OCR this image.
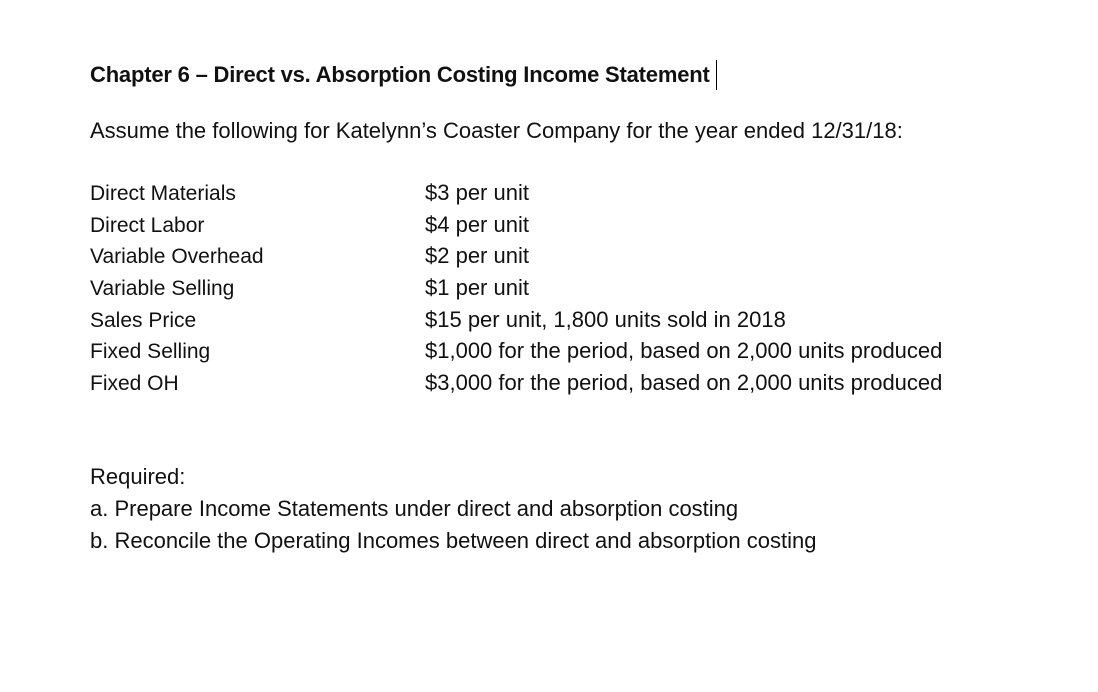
Chapter 6 – Direct vs. Absorption Costing Income Statement
Assume the following for Katelynn’s Coaster Company for the year ended 12/31/18:
Direct Materials	$3 per unit
Direct Labor	$4 per unit
Variable Overhead	$2 per unit
Variable Selling	$1 per unit
Sales Price	$15 per unit, 1,800 units sold in 2018
Fixed Selling	$1,000 for the period, based on 2,000 units produced
Fixed OH	$3,000 for the period, based on 2,000 units produced
Required:
a. Prepare Income Statements under direct and absorption costing
b. Reconcile the Operating Incomes between direct and absorption costing
